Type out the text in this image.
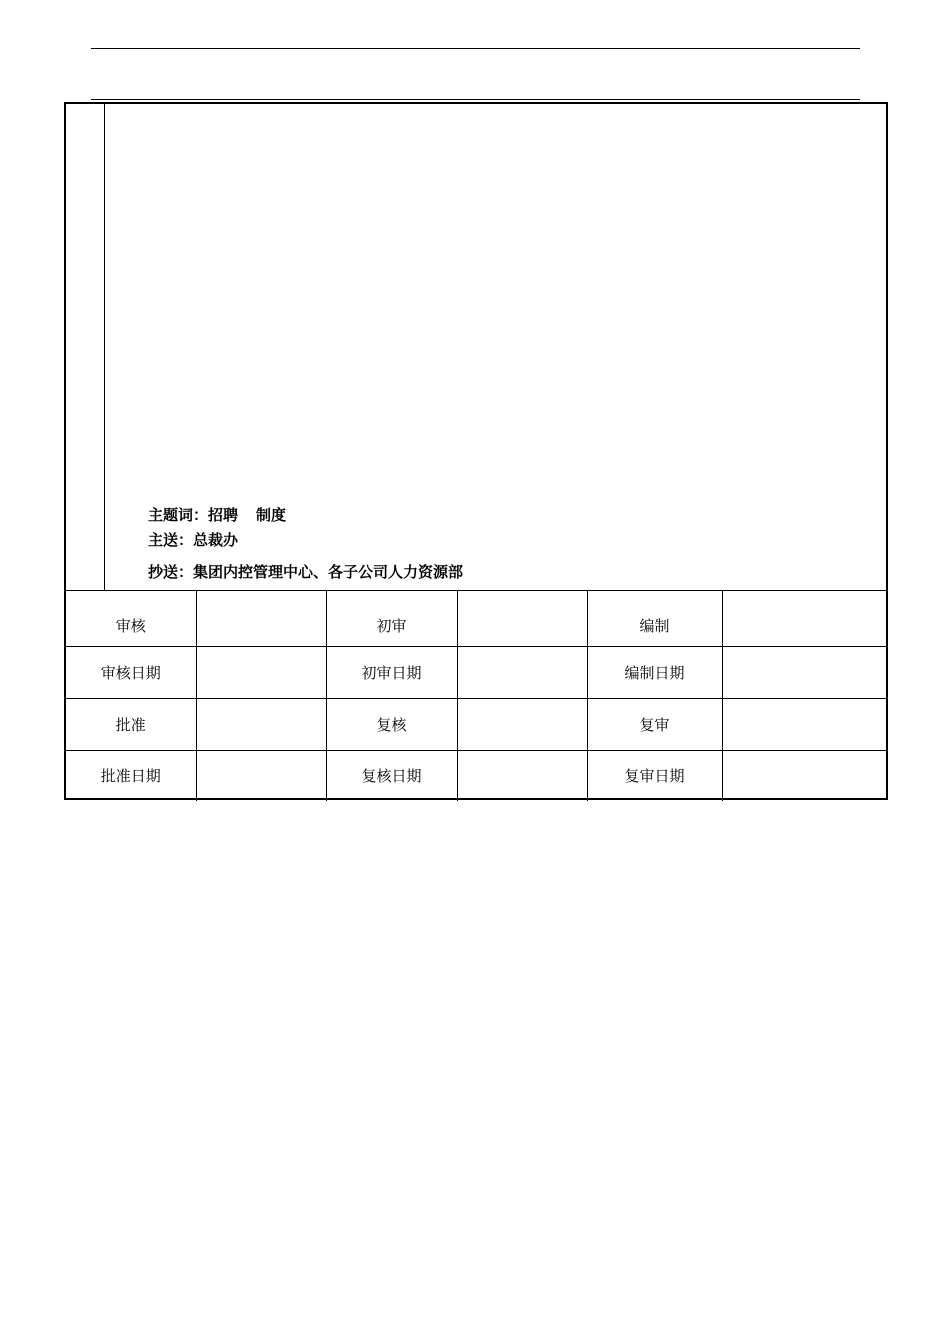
主题词：招聘 制度
主送：总裁办
抄送：集团内控管理中心、各子公司人力资源部
审核		初审		编制	
审核日期		初审日期		编制日期	
批准		复核		复审	
批准日期		复核日期		复审日期	
